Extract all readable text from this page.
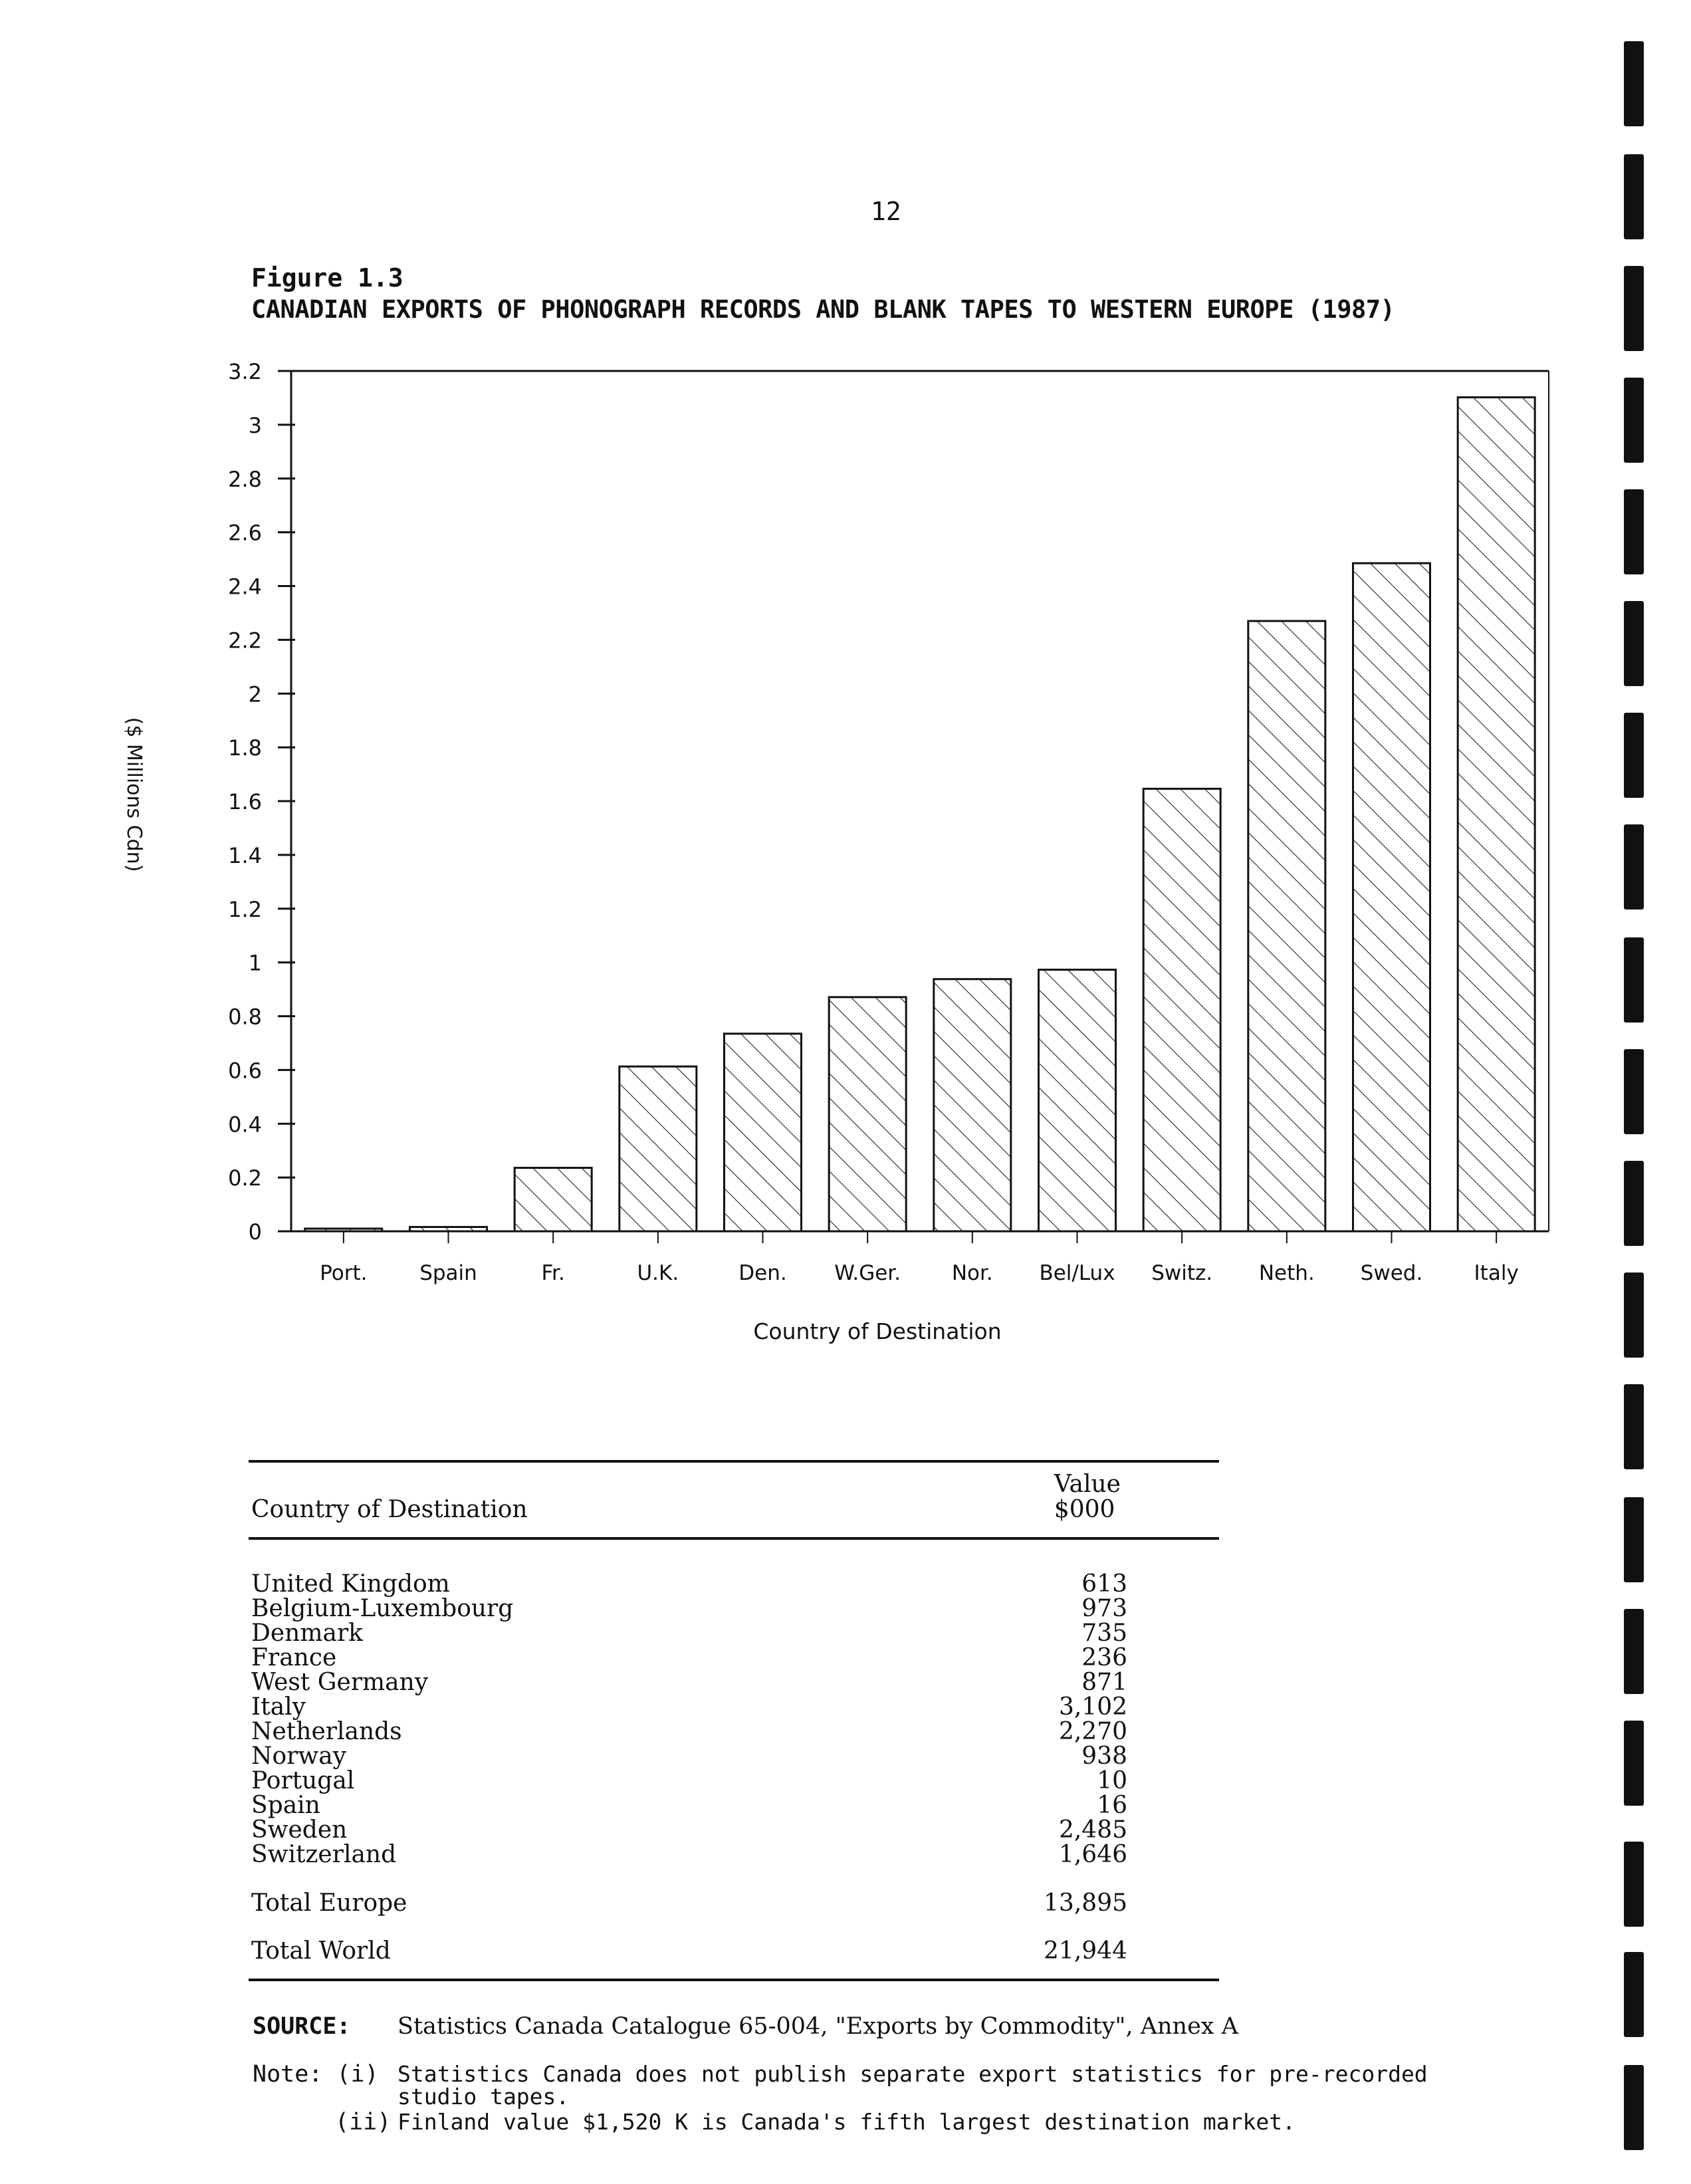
12
Figure 1.3
CANADIAN EXPORTS OF PHONOGRAPH RECORDS AND BLANK TAPES TO WESTERN EUROPE (1987)
0
0.2
0.4
0.6
0.8
1
1.2
1.4
1.6
1.8
2
2.2
2.4
2.6
2.8
3
3.2
Port.	Spain	Fr.	U.K.	Den. W.Ger. Nor. Bel/Lux Switz. Neth. Swed. Italy
Country of Destination
($ Millions Cdn)
Country of Destination
Value
$000
United Kingdom	613
Belgium-Luxembourg	973
Denmark	735
France	236
West Germany	871
Italy	3,102
Netherlands	2,270
Norway	938
Portugal	10
Spain	16
Sweden	2,485
Switzerland	1,646
Total Europe	13,895
Total World	21,944
SOURCE: Statistics Canada Catalogue 65-004, "Exports by Commodity", Annex A
Note: (i) Statistics Canada does not publish separate export statistics for pre-recorded
studio tapes.
(ii) Finland value $1,520 K is Canada's fifth largest destination market.
